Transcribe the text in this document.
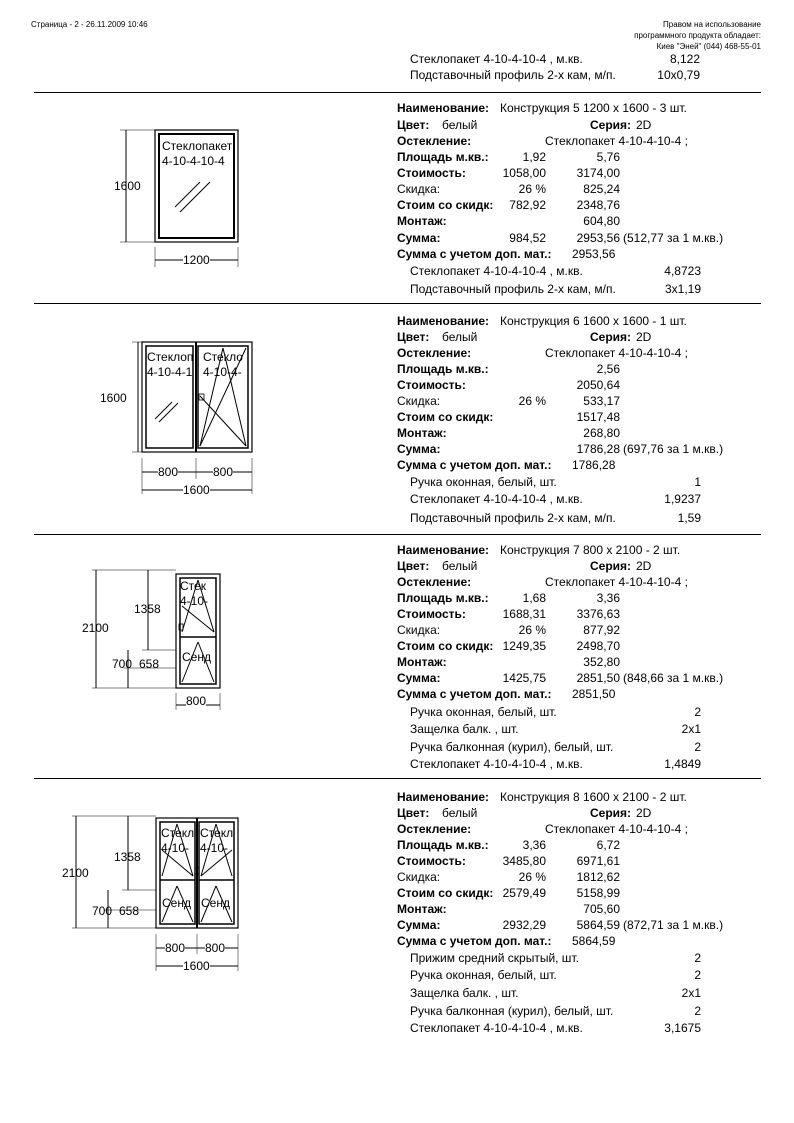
Страница - 2 - 26.11.2009 10:46	Правом на использование
программного продукта обладает:
Киев "Эней" (044) 468-55-01
Стеклопакет 4-10-4-10-4 , м.кв.	8,122
Подставочный профиль 2-х кам, м/п.	10x0,79
Стеклопакет
4-10-4-10-4
1600
1200
Наименование: Конструкция 5 1200 x 1600 - 3 шт.
Цвет: белый	Серия: 2D
Остекление:	Стеклопакет 4-10-4-10-4 ;
Площадь м.кв.:	1,92	5,76
Стоимость:	1058,00	3174,00
Скидка:	26 %	825,24
Стоим со скидк:	782,92	2348,76
Монтаж:	604,80
Сумма:	984,52	2953,56 (512,77 за 1 м.кв.)
Сумма с учетом доп. мат.: 2953,56
Стеклопакет 4-10-4-10-4 , м.кв.	4,8723
Подставочный профиль 2-х кам, м/п.	3x1,19
Стеклоп
4-10-4-1
Стекло
4-10-4-
1600
800	800
1600
Наименование: Конструкция 6 1600 x 1600 - 1 шт.
Цвет: белый	Серия: 2D
Остекление:	Стеклопакет 4-10-4-10-4 ;
Площадь м.кв.:	2,56
Стоимость:	2050,64
Скидка:	26 %	533,17
Стоим со скидк:	1517,48
Монтаж:	268,80
Сумма:	1786,28 (697,76 за 1 м.кв.)
Сумма с учетом доп. мат.: 1786,28
Ручка оконная, белый, шт.	1
Стеклопакет 4-10-4-10-4 , м.кв.	1,9237
Подставочный профиль 2-х кам, м/п.	1,59
Стек
4-10-
Сенд
2100
1358
700 658
800
Наименование: Конструкция 7 800 x 2100 - 2 шт.
Цвет: белый	Серия: 2D
Остекление:	Стеклопакет 4-10-4-10-4 ;
Площадь м.кв.:	1,68	3,36
Стоимость:	1688,31	3376,63
Скидка:	26 %	877,92
Стоим со скидк: 1249,35	2498,70
Монтаж:	352,80
Сумма:	1425,75	2851,50 (848,66 за 1 м.кв.)
Сумма с учетом доп. мат.: 2851,50
Ручка оконная, белый, шт.	2
Защелка балк. , шт.	2x1
Ручка балконная (курил), белый, шт.	2
Стеклопакет 4-10-4-10-4 , м.кв.	1,4849
Стекл
4-10-
Стекл
4-10-
Сенд Сенд
2100
1358
700 658
800 800
1600
Наименование: Конструкция 8 1600 x 2100 - 2 шт.
Цвет: белый	Серия: 2D
Остекление:	Стеклопакет 4-10-4-10-4 ;
Площадь м.кв.:	3,36	6,72
Стоимость:	3485,80	6971,61
Скидка:	26 %	1812,62
Стоим со скидк: 2579,49	5158,99
Монтаж:	705,60
Сумма:	2932,29	5864,59 (872,71 за 1 м.кв.)
Сумма с учетом доп. мат.: 5864,59
Прижим средний скрытый, шт.	2
Ручка оконная, белый, шт.	2
Защелка балк. , шт.	2x1
Ручка балконная (курил), белый, шт.	2
Стеклопакет 4-10-4-10-4 , м.кв.	3,1675
